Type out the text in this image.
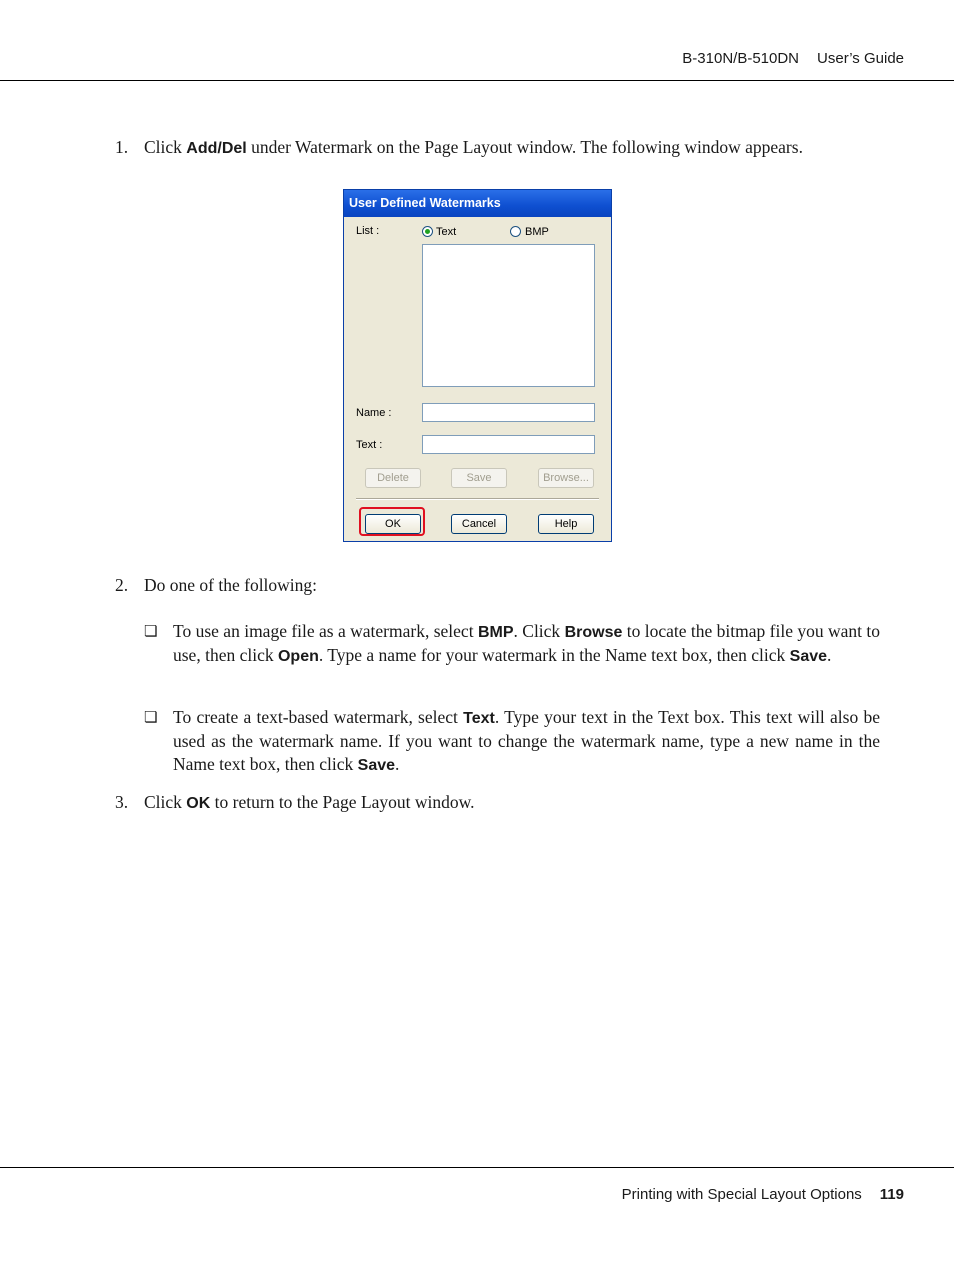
B-310N/B-510DN User’s Guide
1. Click Add/Del under Watermark on the Page Layout window. The following window appears.
User Defined Watermarks
List :	Text	BMP
Name :
Text :
Delete	Save	Browse...
OK	Cancel	Help
2. Do one of the following:
❏ To use an image file as a watermark, select BMP. Click Browse to locate the bitmap file you want to use, then click Open. Type a name for your watermark in the Name text box, then click Save.
❏ To create a text-based watermark, select Text. Type your text in the Text box. This text will also be used as the watermark name. If you want to change the watermark name, type a new name in the Name text box, then click Save.
3. Click OK to return to the Page Layout window.
Printing with Special Layout Options 119
